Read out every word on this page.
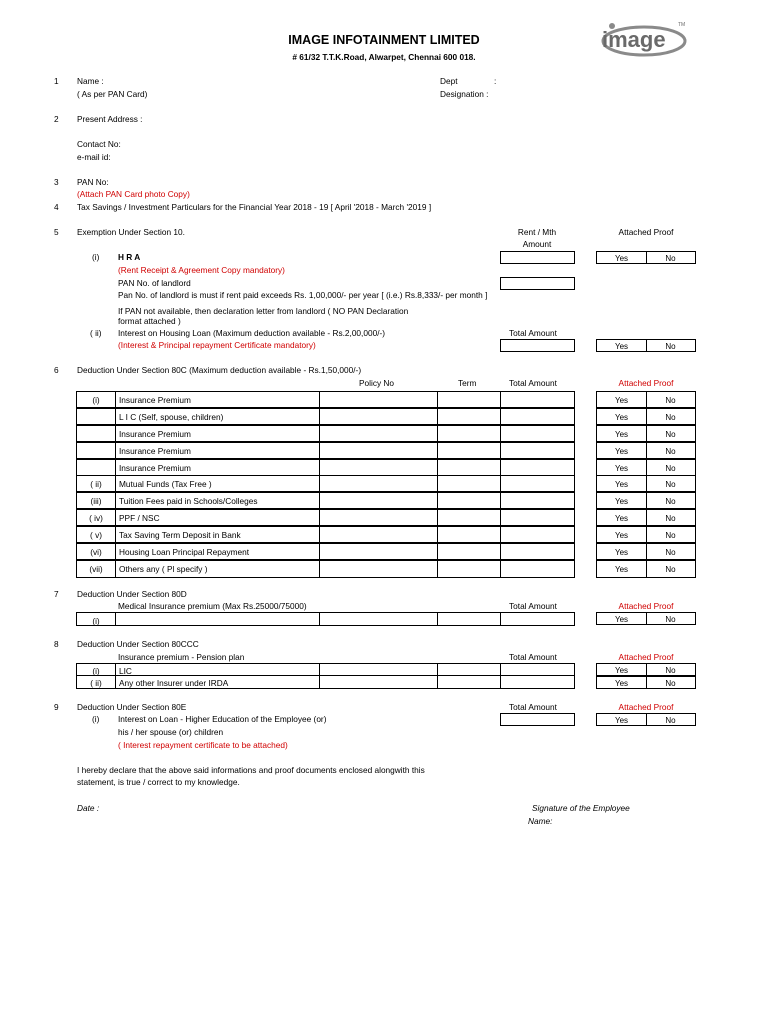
image
TM
IMAGE INFOTAINMENT LIMITED
# 61/32 T.T.K.Road, Alwarpet, Chennai 600 018.
1 Name :
( As per PAN Card)
Dept	:
Designation :
2 Present Address :
Contact No:
e-mail id:
3 PAN No:
(Attach PAN Card photo Copy)
4 Tax Savings / Investment Particulars for the Financial Year 2018 - 19 [ April '2018 - March '2019 ]
5 Exemption Under Section 10.	Rent / Mth
Amount
Attached Proof
(i) H R A	Yes	No
(Rent Receipt & Agreement Copy mandatory)
PAN No. of landlord
Pan No. of landlord is must if rent paid exceeds Rs. 1,00,000/- per year [ (i.e.) Rs.8,333/- per month ]
If PAN not available, then declaration letter from landlord ( NO PAN Declaration
format attached )
( ii) Interest on Housing Loan (Maximum deduction available - Rs.2,00,000/-)	Total Amount
(Interest & Principal repayment Certificate mandatory)	Yes	No
6 Deduction Under Section 80C (Maximum deduction available - Rs.1,50,000/-)
Policy No	Term	Total Amount	Attached Proof
(i)	Insurance Premium	Yes	No
L I C (Self, spouse, children)	Yes	No
Insurance Premium	Yes	No
Insurance Premium	Yes	No
Insurance Premium	Yes	No
( ii)	Mutual Funds (Tax Free )	Yes	No
(iii)	Tuition Fees paid in Schools/Colleges	Yes	No
( iv)	PPF / NSC	Yes	No
( v)	Tax Saving Term Deposit in Bank	Yes	No
(vi)	Housing Loan Principal Repayment	Yes	No
(vii)	Others any ( Pl specify )	Yes	No
7 Deduction Under Section 80D
Medical Insurance premium (Max Rs.25000/75000)	Total Amount	Attached Proof
(i)	Yes	No
8 Deduction Under Section 80CCC
Insurance premium - Pension plan	Total Amount	Attached Proof
(i)	LIC	Yes	No
( ii)	Any other Insurer under IRDA	Yes	No
9 Deduction Under Section 80E	Total Amount	Attached Proof
(i) Interest on Loan - Higher Education of the Employee (or)
his / her spouse (or) children
( Interest repayment certificate to be attached)
Yes	No
I hereby declare that the above said informations and proof documents enclosed alongwith this
statement, is true / correct to my knowledge.
Date :	Signature of the Employee
Name:
